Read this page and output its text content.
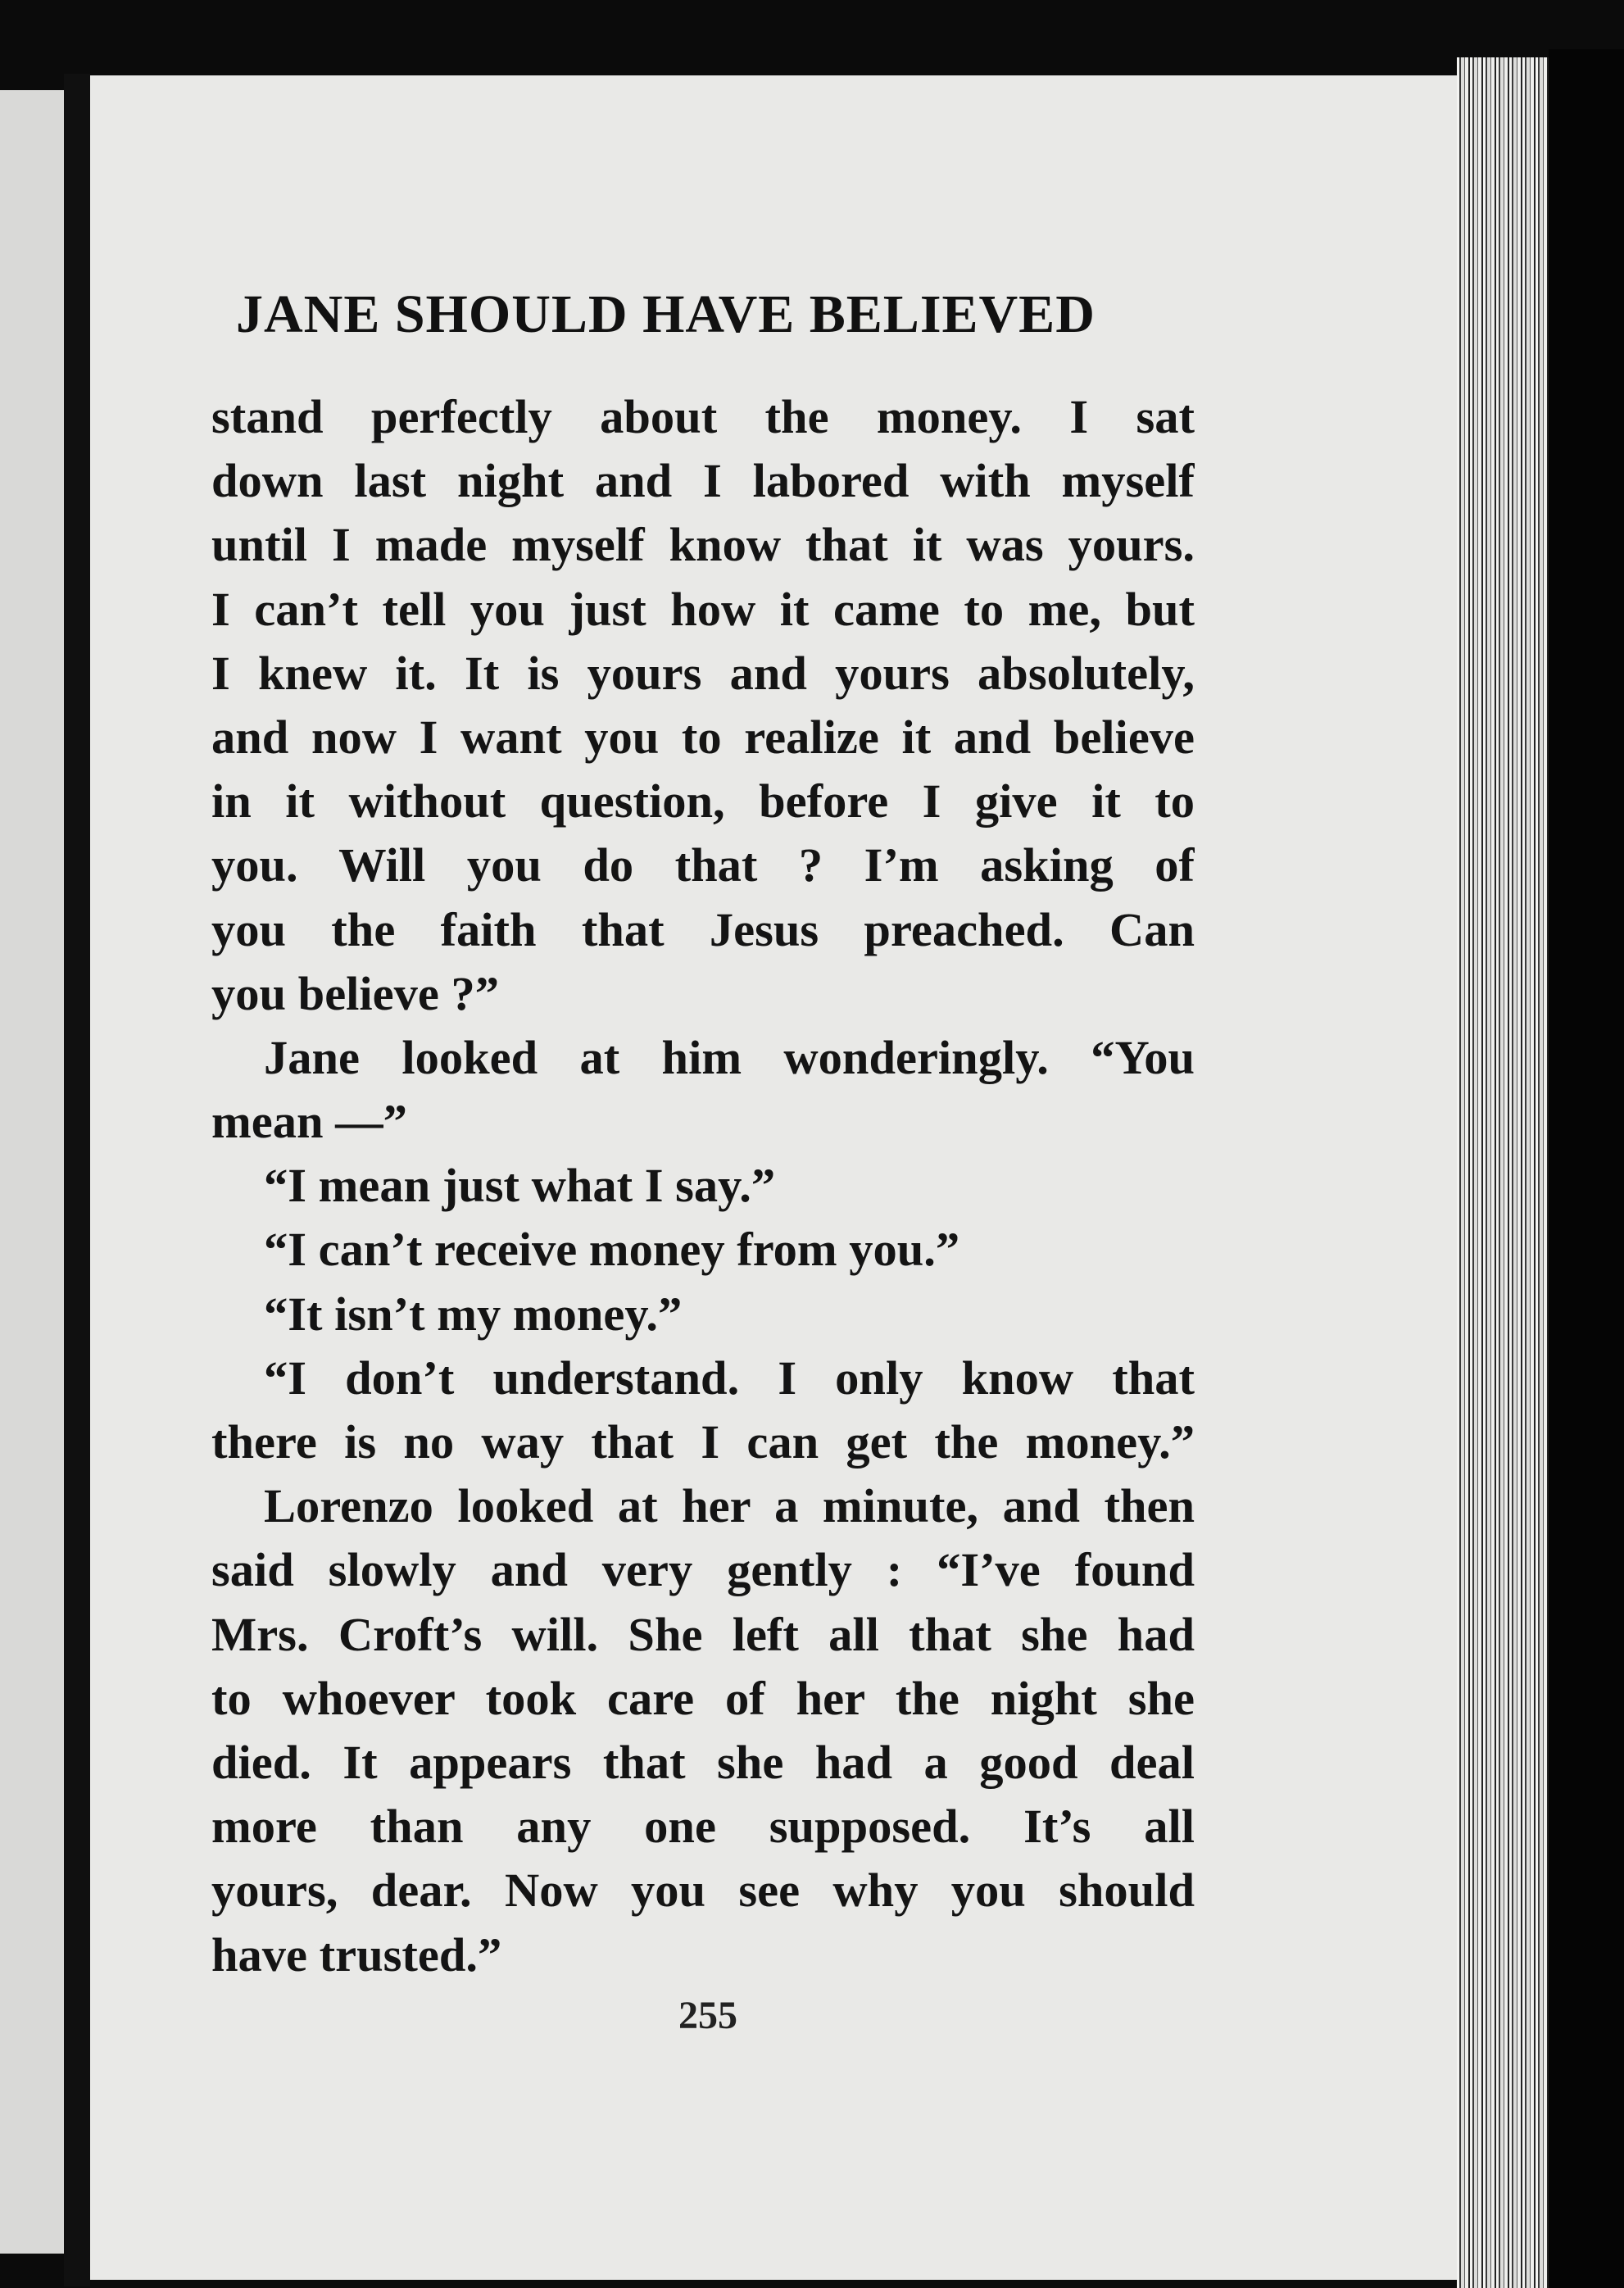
JANE SHOULD HAVE BELIEVED
stand perfectly about the money. I sat
down last night and I labored with myself
until I made myself know that it was yours.
I can’t tell you just how it came to me, but
I knew it. It is yours and yours absolutely,
and now I want you to realize it and believe
in it without question, before I give it to
you. Will you do that ? I’m asking of
you the faith that Jesus preached. Can
you believe ?”
Jane looked at him wonderingly. “You
mean —”
“I mean just what I say.”
“I can’t receive money from you.”
“It isn’t my money.”
“I don’t understand. I only know that
there is no way that I can get the money.”
Lorenzo looked at her a minute, and then
said slowly and very gently : “I’ve found
Mrs. Croft’s will. She left all that she had
to whoever took care of her the night she
died. It appears that she had a good deal
more than any one supposed. It’s all
yours, dear. Now you see why you should
have trusted.”
255
